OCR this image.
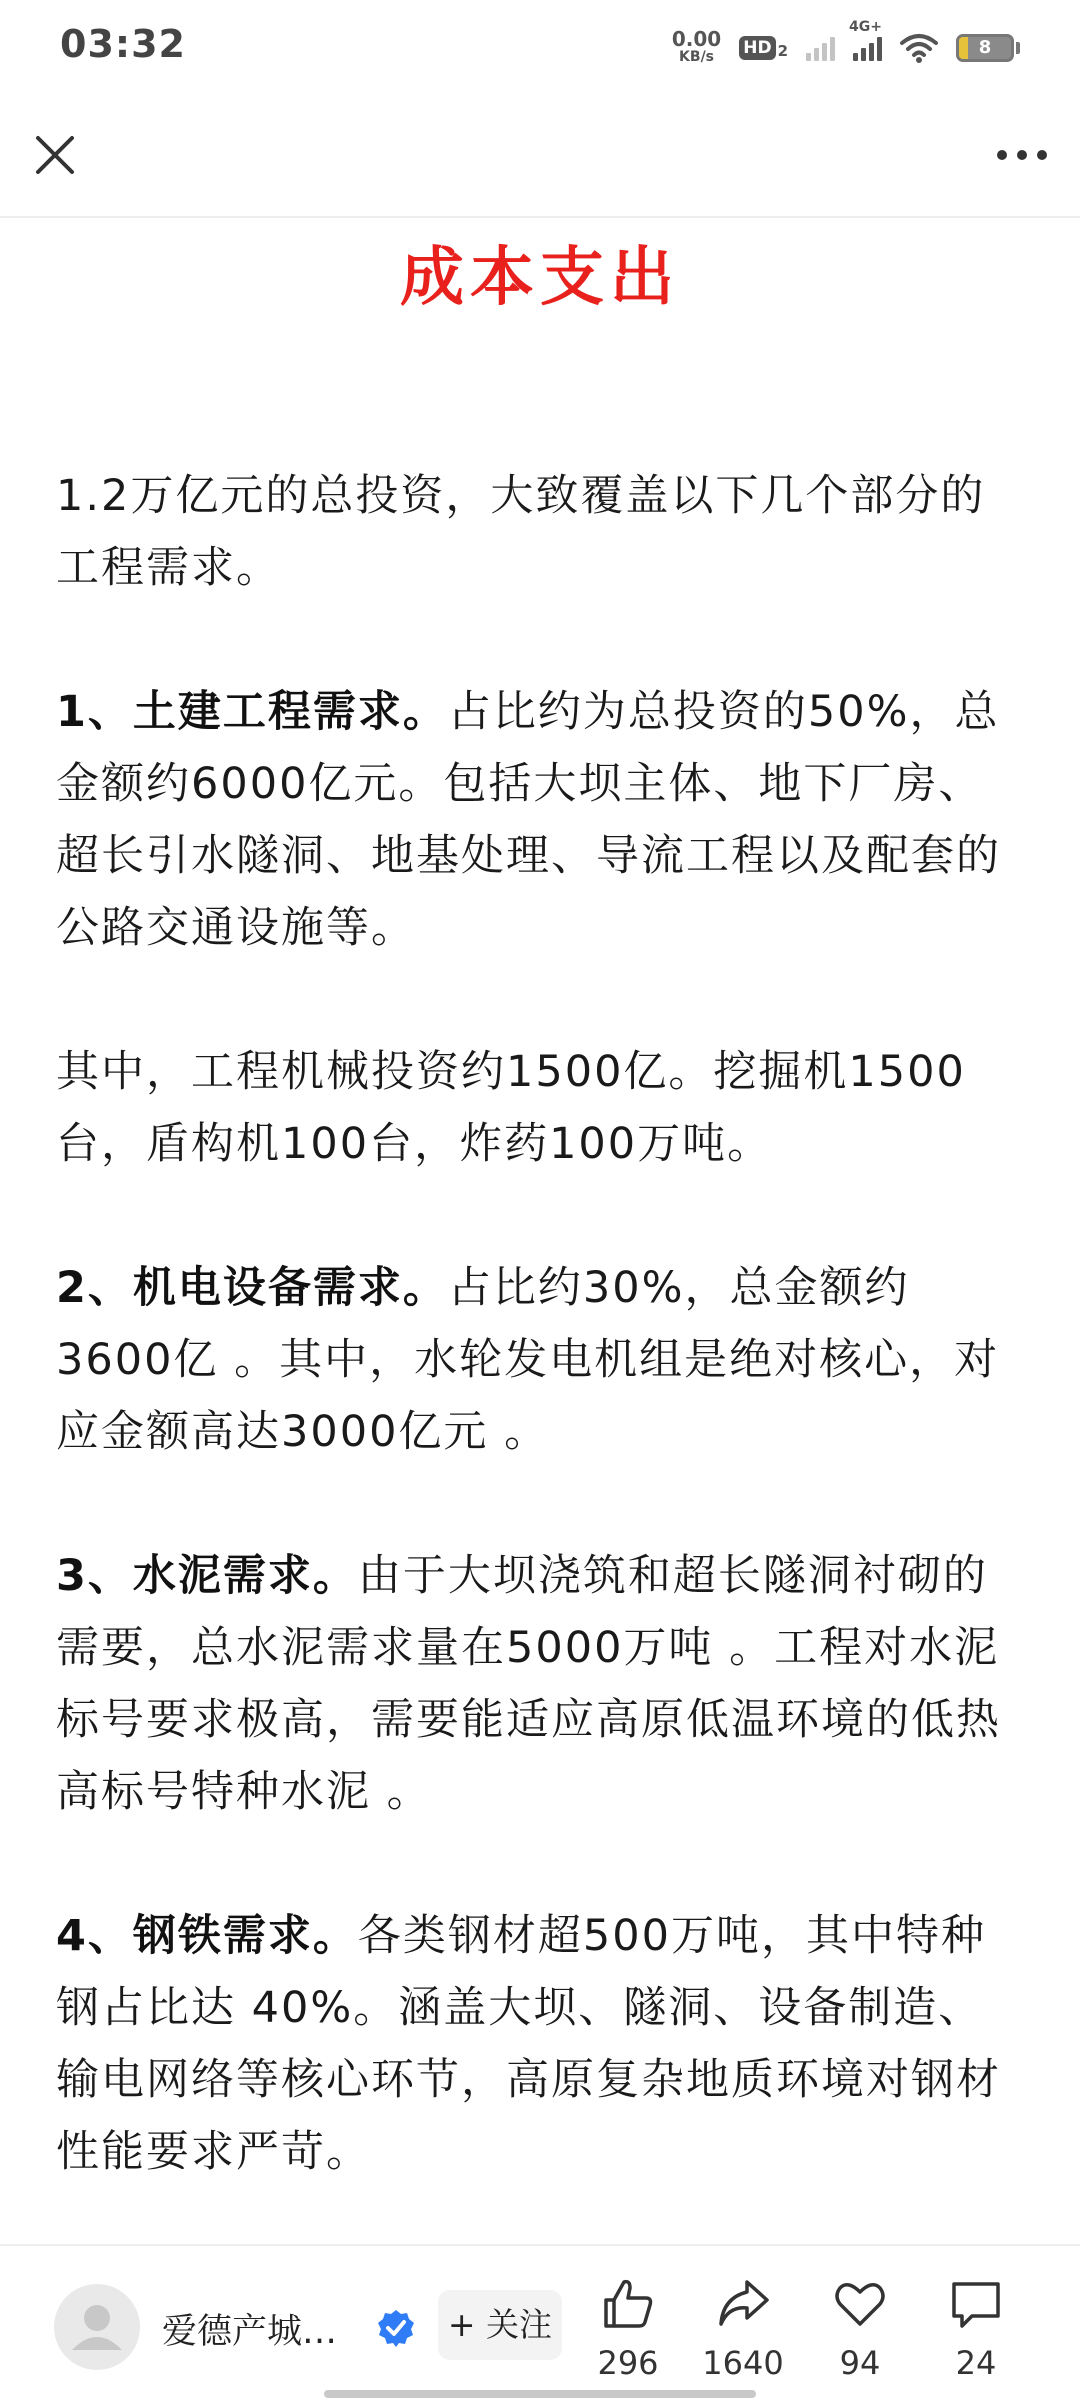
03:32	0.00
KB/s HD 2
4G+
8
成本支出

1.2万亿元的总投资，大致覆盖以下几个部分的工程需求。

1、土建工程需求。占比约为总投资的50%，总金额约6000亿元。包括大坝主体、地下厂房、超长引水隧洞、地基处理、导流工程以及配套的公路交通设施等。

其中，工程机械投资约1500亿。挖掘机1500台，盾构机100台，炸药100万吨。

2、机电设备需求。占比约30%，总金额约3600亿 。其中，水轮发电机组是绝对核心，对应金额高达3000亿元 。

3、水泥需求。由于大坝浇筑和超长隧洞衬砌的需要，总水泥需求量在5000万吨 。工程对水泥标号要求极高，需要能适应高原低温环境的低热高标号特种水泥 。

4、钢铁需求。各类钢材超500万吨，其中特种钢占比达 40%。涵盖大坝、隧洞、设备制造、输电网络等核心环节，高原复杂地质环境对钢材性能要求严苛。

爱德产城…	+ 关注
296	1640	94	24
